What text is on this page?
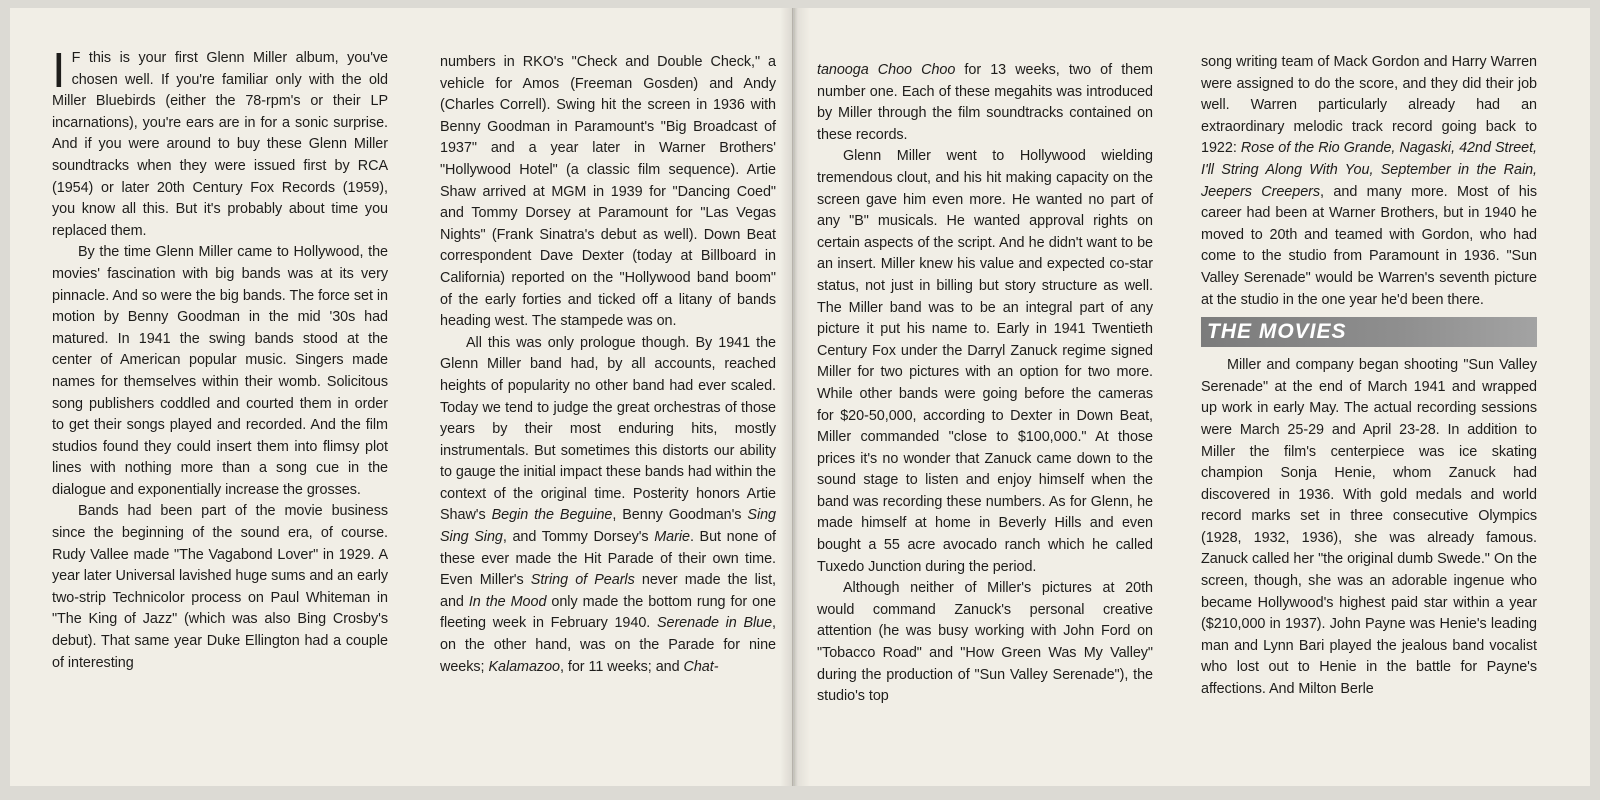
I F this is your first Glenn Miller album, you've chosen well. If you're familiar only with the old Miller Bluebirds (either the 78-rpm's or their LP incarnations), you're ears are in for a sonic surprise. And if you were around to buy these Glenn Miller soundtracks when they were issued first by RCA (1954) or later 20th Century Fox Records (1959), you know all this. But it's probably about time you replaced them.

By the time Glenn Miller came to Hollywood, the movies' fascination with big bands was at its very pinnacle. And so were the big bands. The force set in motion by Benny Goodman in the mid '30s had matured. In 1941 the swing bands stood at the center of American popular music. Singers made names for themselves within their womb. Solicitous song publishers coddled and courted them in order to get their songs played and recorded. And the film studios found they could insert them into flimsy plot lines with nothing more than a song cue in the dialogue and exponentially increase the grosses.

Bands had been part of the movie business since the beginning of the sound era, of course. Rudy Vallee made "The Vagabond Lover" in 1929. A year later Universal lavished huge sums and an early two-strip Technicolor process on Paul Whiteman in "The King of Jazz" (which was also Bing Crosby's debut). That same year Duke Ellington had a couple of interesting

numbers in RKO's "Check and Double Check," a vehicle for Amos (Freeman Gosden) and Andy (Charles Correll). Swing hit the screen in 1936 with Benny Goodman in Paramount's "Big Broadcast of 1937" and a year later in Warner Brothers' "Hollywood Hotel" (a classic film sequence). Artie Shaw arrived at MGM in 1939 for "Dancing Coed" and Tommy Dorsey at Paramount for "Las Vegas Nights" (Frank Sinatra's debut as well). Down Beat correspondent Dave Dexter (today at Billboard in California) reported on the "Hollywood band boom" of the early forties and ticked off a litany of bands heading west. The stampede was on.

All this was only prologue though. By 1941 the Glenn Miller band had, by all accounts, reached heights of popularity no other band had ever scaled. Today we tend to judge the great orchestras of those years by their most enduring hits, mostly instrumentals. But sometimes this distorts our ability to gauge the initial impact these bands had within the context of the original time. Posterity honors Artie Shaw's Begin the Beguine, Benny Goodman's Sing Sing Sing, and Tommy Dorsey's Marie. But none of these ever made the Hit Parade of their own time. Even Miller's String of Pearls never made the list, and In the Mood only made the bottom rung for one fleeting week in February 1940. Serenade in Blue, on the other hand, was on the Parade for nine weeks; Kalamazoo, for 11 weeks; and Chat-

tanooga Choo Choo for 13 weeks, two of them number one. Each of these megahits was introduced by Miller through the film soundtracks contained on these records.

Glenn Miller went to Hollywood wielding tremendous clout, and his hit making capacity on the screen gave him even more. He wanted no part of any "B" musicals. He wanted approval rights on certain aspects of the script. And he didn't want to be an insert. Miller knew his value and expected co-star status, not just in billing but story structure as well. The Miller band was to be an integral part of any picture it put his name to. Early in 1941 Twentieth Century Fox under the Darryl Zanuck regime signed Miller for two pictures with an option for two more. While other bands were going before the cameras for $20-50,000, according to Dexter in Down Beat, Miller commanded "close to $100,000." At those prices it's no wonder that Zanuck came down to the sound stage to listen and enjoy himself when the band was recording these numbers. As for Glenn, he made himself at home in Beverly Hills and even bought a 55 acre avocado ranch which he called Tuxedo Junction during the period.

Although neither of Miller's pictures at 20th would command Zanuck's personal creative attention (he was busy working with John Ford on "Tobacco Road" and "How Green Was My Valley" during the production of "Sun Valley Serenade"), the studio's top

song writing team of Mack Gordon and Harry Warren were assigned to do the score, and they did their job well. Warren particularly already had an extraordinary melodic track record going back to 1922: Rose of the Rio Grande, Nagaski, 42nd Street, I'll String Along With You, September in the Rain, Jeepers Creepers, and many more. Most of his career had been at Warner Brothers, but in 1940 he moved to 20th and teamed with Gordon, who had come to the studio from Paramount in 1936. "Sun Valley Serenade" would be Warren's seventh picture at the studio in the one year he'd been there.

THE MOVIES

Miller and company began shooting "Sun Valley Serenade" at the end of March 1941 and wrapped up work in early May. The actual recording sessions were March 25-29 and April 23-28. In addition to Miller the film's centerpiece was ice skating champion Sonja Henie, whom Zanuck had discovered in 1936. With gold medals and world record marks set in three consecutive Olympics (1928, 1932, 1936), she was already famous. Zanuck called her "the original dumb Swede." On the screen, though, she was an adorable ingenue who became Hollywood's highest paid star within a year ($210,000 in 1937). John Payne was Henie's leading man and Lynn Bari played the jealous band vocalist who lost out to Henie in the battle for Payne's affections. And Milton Berle
